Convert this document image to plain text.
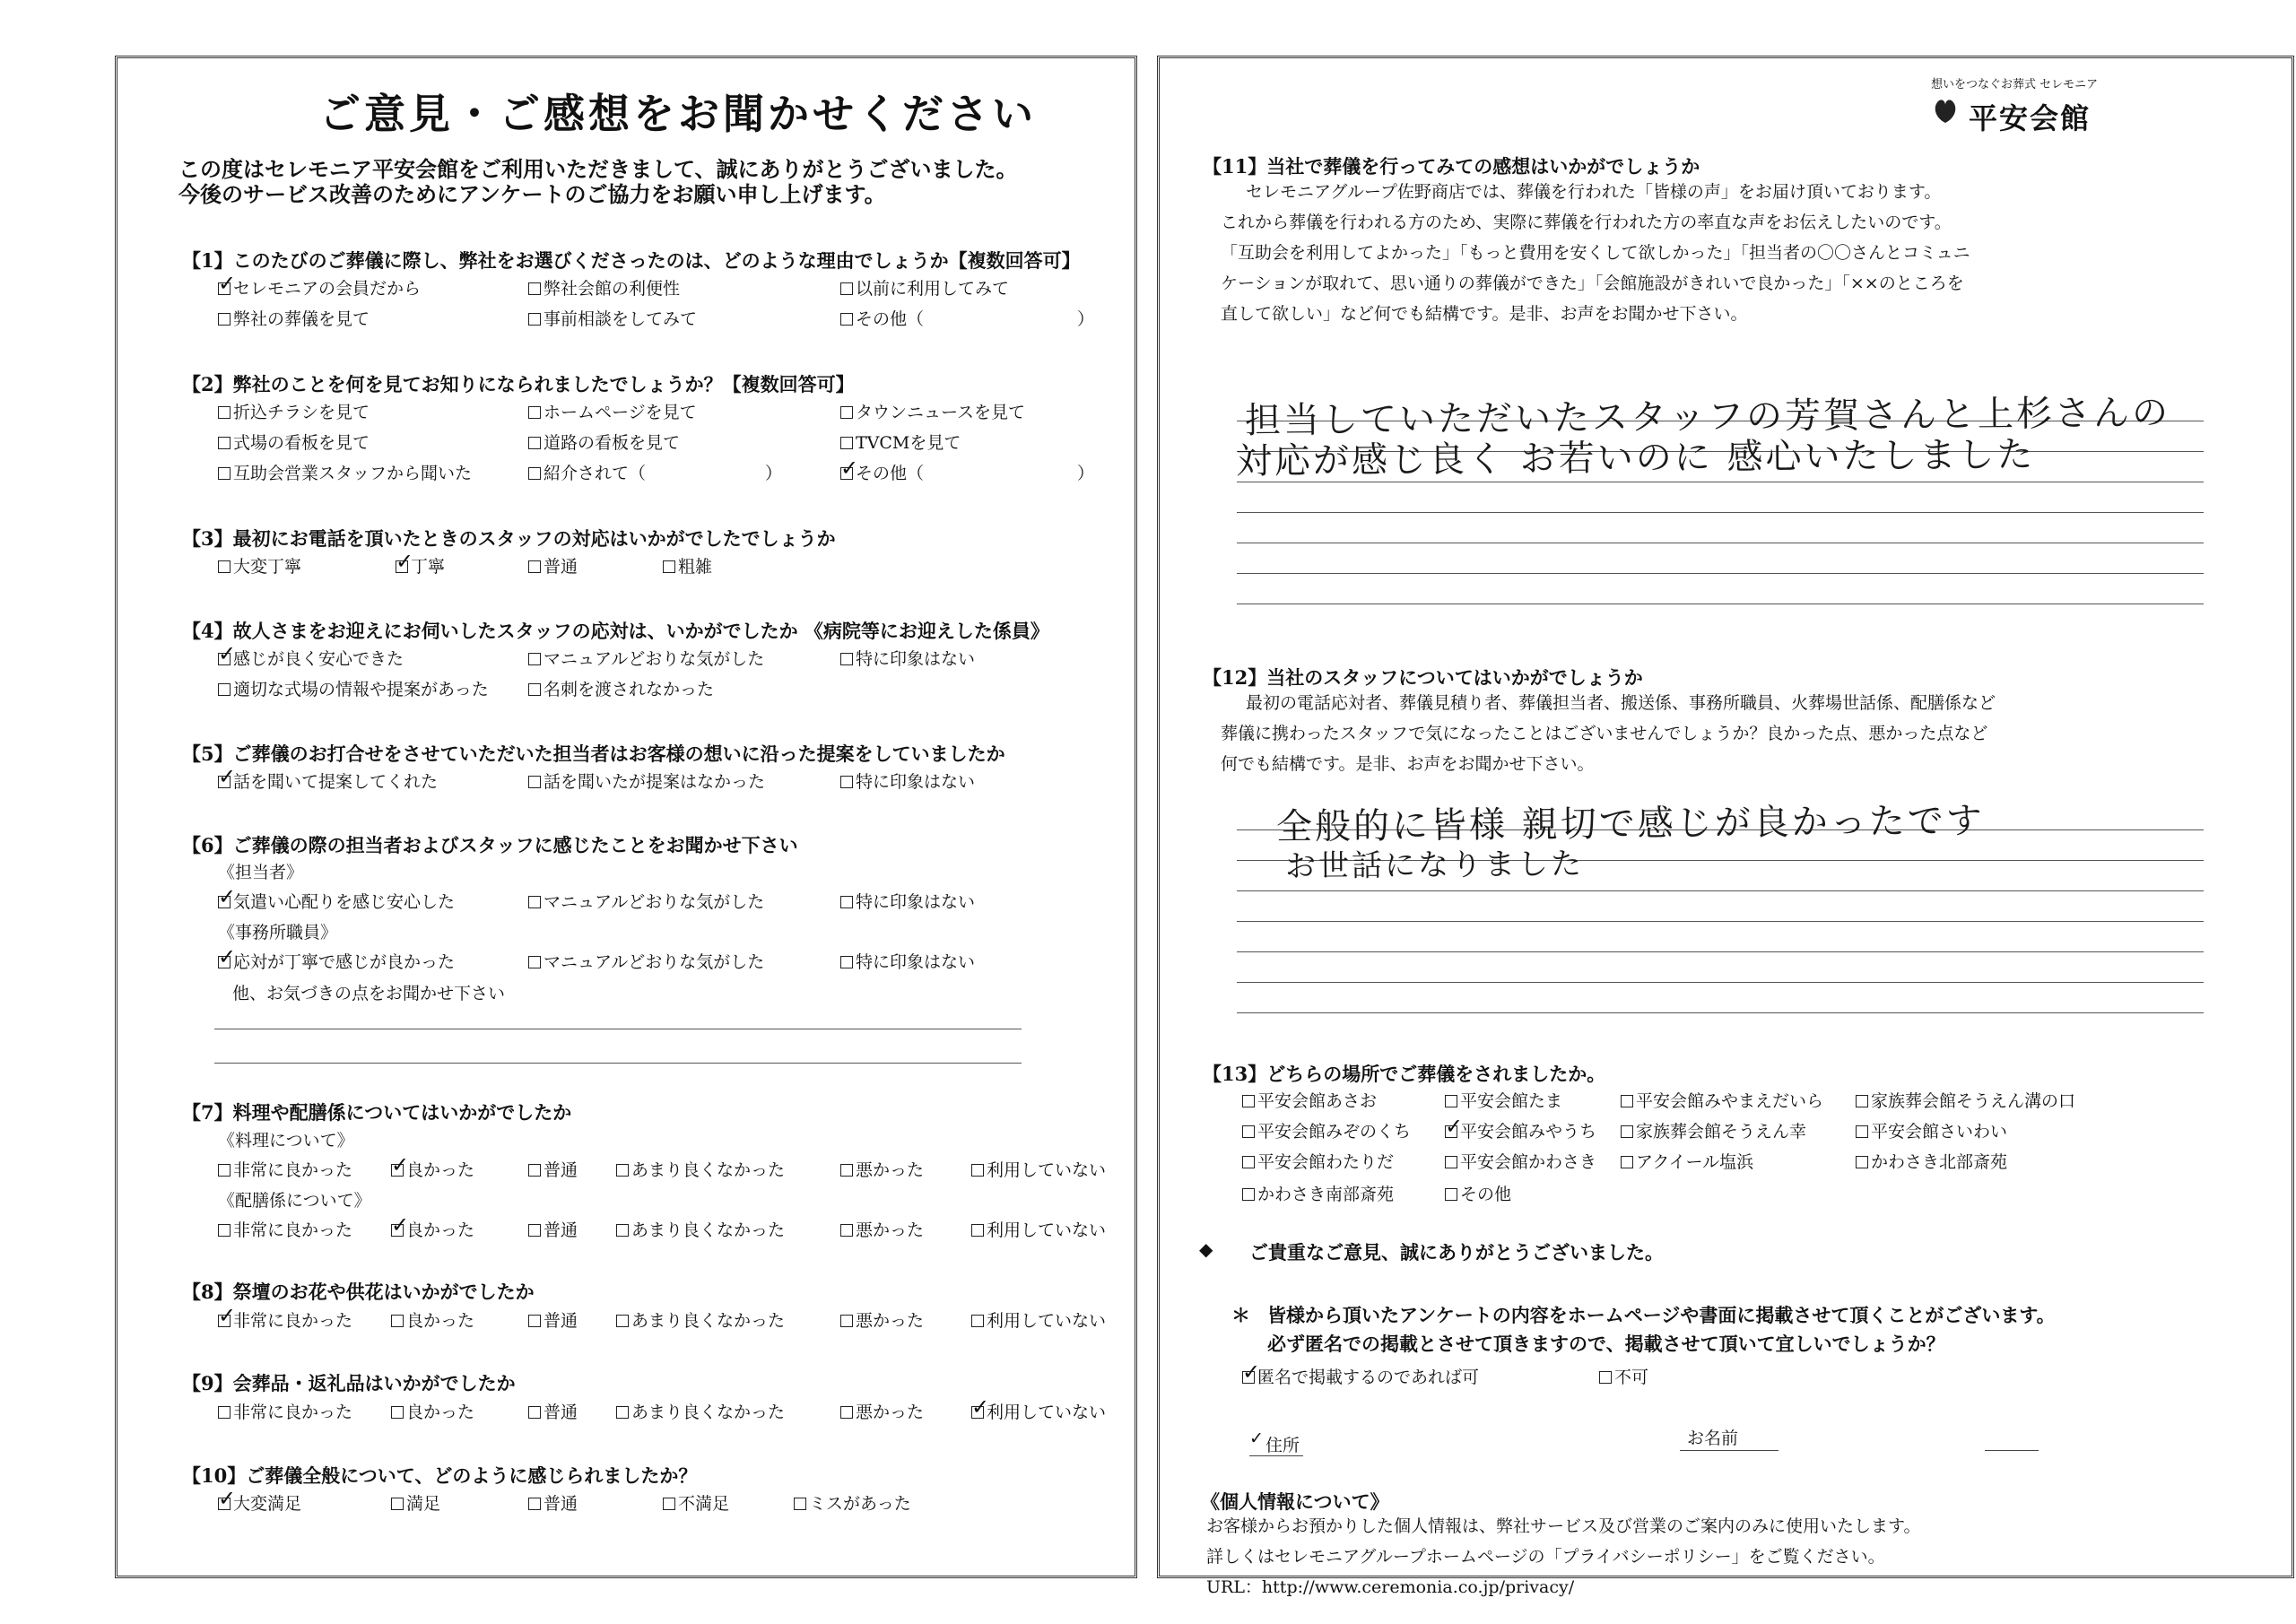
ご意見・ご感想をお聞かせください
この度はセレモニア平安会館をご利用いただきまして、誠にありがとうございました。
今後のサービス改善のためにアンケートのご協力をお願い申し上げます。
【1】このたびのご葬儀に際し、弊社をお選びくださったのは、どのような理由でしょうか【複数回答可】
✓セレモニアの会員だから	弊社会館の利便性	以前に利用してみて
弊社の葬儀を見て	事前相談をしてみて	その他（　　　　　　　　　）
【2】弊社のことを何を見てお知りになられましたでしょうか？【複数回答可】
折込チラシを見て	ホームページを見て	タウンニュースを見て
式場の看板を見て	道路の看板を見て	TVCMを見て
互助会営業スタッフから聞いた	紹介されて（　　　　　　　） ✓	その他（　　　　　　　　　）
【3】最初にお電話を頂いたときのスタッフの対応はいかがでしたでしょうか
大変丁寧 ✓	丁寧	普通	粗雑
【4】故人さまをお迎えにお伺いしたスタッフの応対は、いかがでしたか 《病院等にお迎えした係員》
✓感じが良く安心できた	マニュアルどおりな気がした	特に印象はない
適切な式場の情報や提案があった	名刺を渡されなかった
【5】ご葬儀のお打合せをさせていただいた担当者はお客様の想いに沿った提案をしていましたか
✓話を聞いて提案してくれた	話を聞いたが提案はなかった	特に印象はない
【6】ご葬儀の際の担当者およびスタッフに感じたことをお聞かせ下さい
《担当者》
✓気遣い心配りを感じ安心した	マニュアルどおりな気がした	特に印象はない
《事務所職員》
✓応対が丁寧で感じが良かった	マニュアルどおりな気がした	特に印象はない
他、お気づきの点をお聞かせ下さい
【7】料理や配膳係についてはいかがでしたか
《料理について》
非常に良かった ✓	良かった	普通	あまり良くなかった	悪かった	利用していない
《配膳係について》
非常に良かった ✓	良かった	普通	あまり良くなかった	悪かった	利用していない
【8】祭壇のお花や供花はいかがでしたか
✓非常に良かった	良かった	普通	あまり良くなかった	悪かった	利用していない
【9】会葬品・返礼品はいかがでしたか
非常に良かった	良かった	普通	あまり良くなかった	悪かった ✓	利用していない
【10】ご葬儀全般について、どのように感じられましたか？
✓大変満足	満足	普通	不満足	ミスがあった
想いをつなぐお葬式 セレモニア
平安会館
【11】当社で葬儀を行ってみての感想はいかがでしょうか
セレモニアグループ佐野商店では、葬儀を行われた「皆様の声」をお届け頂いております。
これから葬儀を行われる方のため、実際に葬儀を行われた方の率直な声をお伝えしたいのです。
「互助会を利用してよかった」「もっと費用を安くして欲しかった」「担当者の〇〇さんとコミュニ
ケーションが取れて、思い通りの葬儀ができた」「会館施設がきれいで良かった」「××のところを
直して欲しい」など何でも結構です。是非、お声をお聞かせ下さい。
担当していただいたスタッフの芳賀さんと上杉さんの
対応が感じ良く お若いのに 感心いたしました
【12】当社のスタッフについてはいかがでしょうか
最初の電話応対者、葬儀見積り者、葬儀担当者、搬送係、事務所職員、火葬場世話係、配膳係など
葬儀に携わったスタッフで気になったことはございませんでしょうか？良かった点、悪かった点など
何でも結構です。是非、お声をお聞かせ下さい。
全般的に皆様 親切で感じが良かったです
お世話になりました
【13】どちらの場所でご葬儀をされましたか。
平安会館あさお	平安会館たま	平安会館みやまえだいら	家族葬会館そうえん溝の口
平安会館みぞのくち ✓	平安会館みやうち	家族葬会館そうえん幸	平安会館さいわい
平安会館わたりだ	平安会館かわさき	アクイール塩浜	かわさき北部斎苑
かわさき南部斎苑	その他
◆ ご貴重なご意見、誠にありがとうございました。
＊ 皆様から頂いたアンケートの内容をホームページや書面に掲載させて頂くことがございます。
必ず匿名での掲載とさせて頂きますので、掲載させて頂いて宜しいでしょうか？
✓匿名で掲載するのであれば可	不可
✓ 住所	お名前
《個人情報について》
お客様からお預かりした個人情報は、弊社サービス及び営業のご案内のみに使用いたします。
詳しくはセレモニアグループホームページの「プライバシーポリシー」をご覧ください。
URL：http://www.ceremonia.co.jp/privacy/
